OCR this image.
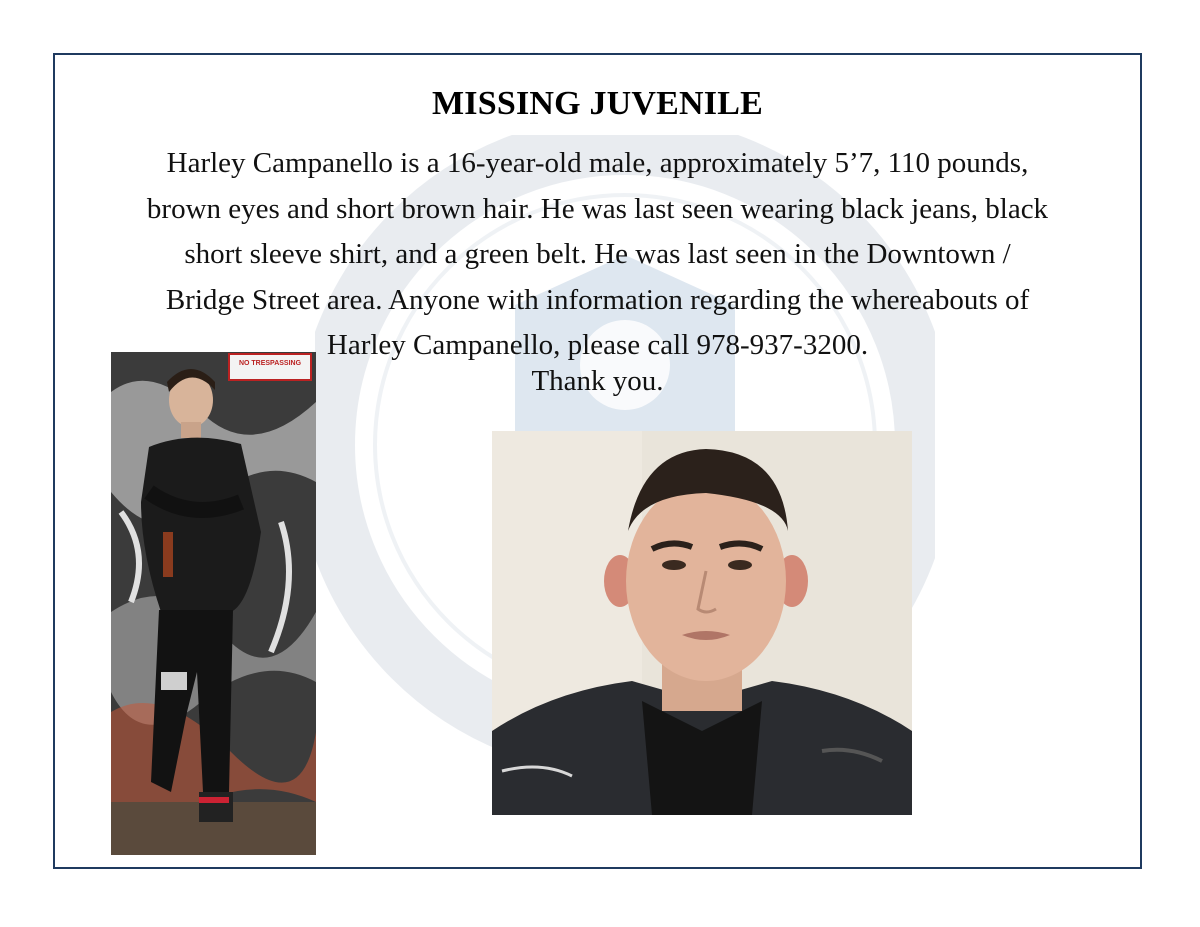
MISSING JUVENILE
Harley Campanello is a 16-year-old male, approximately 5’7, 110 pounds,
brown eyes and short brown hair. He was last seen wearing black jeans, black
short sleeve shirt, and a green belt. He was last seen in the Downtown /
Bridge Street area. Anyone with information regarding the whereabouts of
Harley Campanello, please call 978-937-3200.
Thank you.
NO TRESPASSING
